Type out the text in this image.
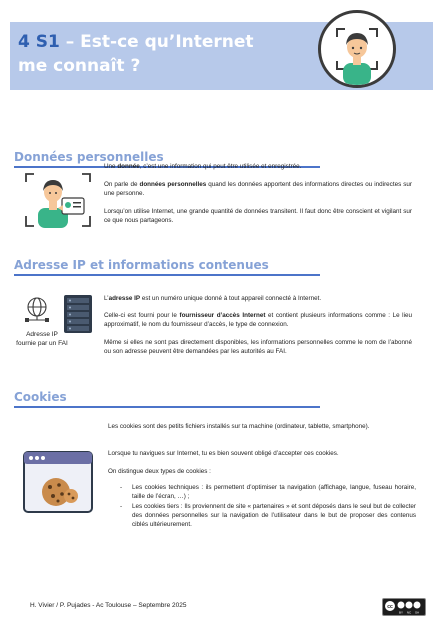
4 S1 – Est-ce qu’Internet me connaît ?
Données personnelles
Une donnée, c’est une information qui peut être utilisée et enregistrée.
On parle de données personnelles quand les données apportent des informations directes ou indirectes sur une personne.
Lorsqu’on utilise Internet, une grande quantité de données transitent. Il faut donc être conscient et vigilant sur ce que nous partageons.
Adresse IP et informations contenues
Adresse IP fournie par un FAI
L’adresse IP est un numéro unique donné à tout appareil connecté à Internet.
Celle-ci est fourni pour le fournisseur d’accès Internet et contient plusieurs informations comme : Le lieu approximatif, le nom du fournisseur d’accès, le type de connexion.
Même si elles ne sont pas directement disponibles, les informations personnelles comme le nom de l’abonné ou son adresse peuvent être demandées par les autorités au FAI.
Cookies
Les cookies sont des petits fichiers installés sur ta machine (ordinateur, tablette, smartphone).
Lorsque tu navigues sur Internet, tu es bien souvent obligé d’accepter ces cookies.
On distingue deux types de cookies :
- Les cookies techniques : ils permettent d’optimiser ta navigation (affichage, langue, fuseau horaire, taille de l’écran, …) ;
- Les cookies tiers : Ils proviennent de site « partenaires » et sont déposés dans le seul but de collecter des données personnelles sur la navigation de l’utilisateur dans le but de proposer des contenus ciblés ultérieurement.
H. Vivier / P. Pujades - Ac Toulouse – Septembre 2025	cc
BY NC SA
